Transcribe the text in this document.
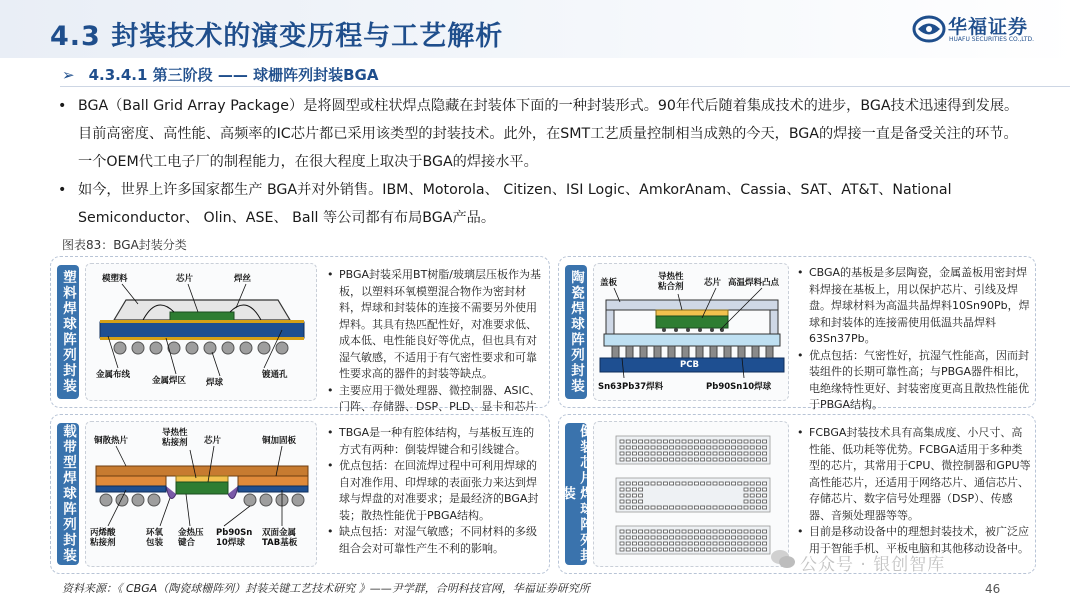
4.3 封装技术的演变历程与工艺解析	华福证券
HUAFU SECURITIES CO.,LTD.
➢ 4.3.4.1 第三阶段 —— 球栅阵列封装BGA
• BGA（Ball Grid Array Package）是将圆型或柱状焊点隐藏在封装体下面的一种封装形式。90年代后随着集成技术的进步，BGA技术迅速得到发展。目前高密度、高性能、高频率的IC芯片都已采用该类型的封装技术。此外，在SMT工艺质量控制相当成熟的今天，BGA的焊接一直是备受关注的环节。一个OEM代工电子厂的制程能力，在很大程度上取决于BGA的焊接水平。
• 如今，世界上许多国家都生产 BGA并对外销售。IBM、Motorola、 Citizen、ISI Logic、AmkorAnam、Cassia、SAT、AT&T、National Semiconductor、 Olin、ASE、 Ball 等公司都有布局BGA产品。
图表83：BGA封装分类
塑料焊球阵列封装	模塑料	芯片	焊丝
金属布线
金属焊区 焊球
镀通孔
• PBGA封装采用BT树脂/玻璃层压板作为基板，以塑料环氧模塑混合物作为密封材料，焊球和封装体的连接不需要另外使用焊料。其具有热匹配性好，对准要求低、成本低、电性能良好等优点，但也具有对湿气敏感，不适用于有气密性要求和可靠性要求高的器件的封装等缺点。
• 主要应用于微处理器、微控制器、ASIC、门阵、存储器、DSP、PLD、显卡和芯片
陶瓷焊球阵列封装	盖板
导热性
粘合剂 芯片 高温焊料凸点
PCB
Sn63Pb37焊料	Pb90Sn10焊球
• CBGA的基板是多层陶瓷，金属盖板用密封焊料焊接在基板上，用以保护芯片、引线及焊盘。焊球材料为高温共晶焊料10Sn90Pb，焊球和封装体的连接需使用低温共晶焊料63Sn37Pb。
• 优点包括：气密性好，抗湿气性能高，因而封装组件的长期可靠性高；与PBGA器件相比，电绝缘特性更好、封装密度更高且散热性能优于PBGA结构。
载带型焊球阵列封装	铜散热片
导热性
粘接剂 芯片	铜加固板
丙烯酸
粘接剂
环氧
包装
金热压
键合
Pb90Sn
10焊球
双面金属
TAB基板
• TBGA是一种有腔体结构，与基板互连的方式有两种：倒装焊键合和引线键合。
• 优点包括：在回流焊过程中可利用焊球的自对准作用、印焊球的表面张力来达到焊球与焊盘的对准要求；是最经济的BGA封装；散热性能优于PBGA结构。
• 缺点包括：对湿气敏感；不同材料的多级组合会对可靠性产生不利的影响。	倒装芯片焊球阵列封装
• FCBGA封装技术具有高集成度、小尺寸、高性能、低功耗等优势。FCBGA适用于多种类型的芯片，其常用于CPU、微控制器和GPU等高性能芯片，还适用于网络芯片、通信芯片、存储芯片、数字信号处理器（DSP）、传感器、音频处理器等等。
• 目前是移动设备中的理想封装技术，被广泛应用于智能手机、平板电脑和其他移动设备中。
资料来源：《 CBGA（陶瓷球栅阵列）封装关键工艺技术研究 》——尹学群，合明科技官网，华福证券研究所
公众号 · 银创智库
46
